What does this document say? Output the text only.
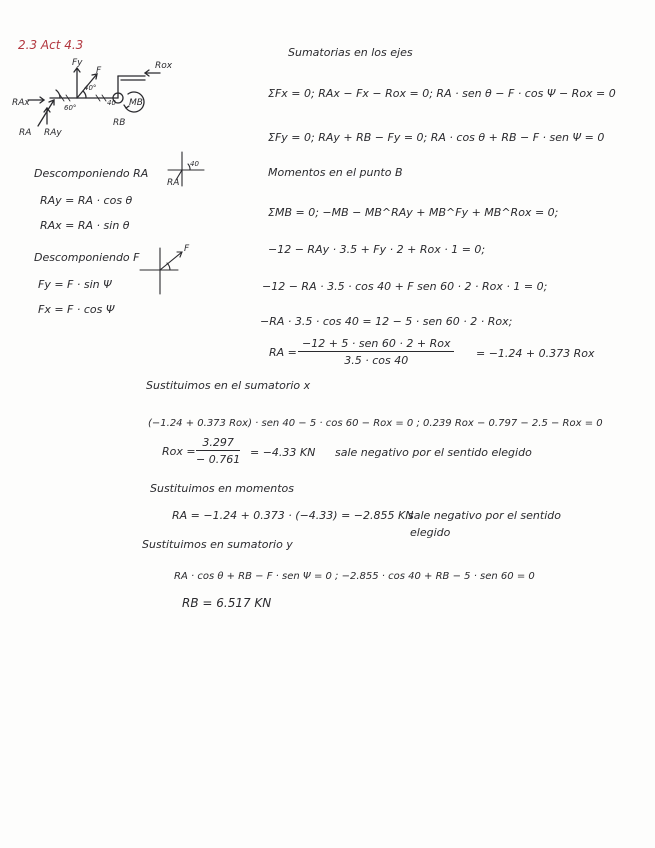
2.3 Act 4.3
Fy
F	Rox
RAx
RA RAy
RB
MB
40°
60°
40
Descomponiendo RA
RAy = RA · cos θ
RAx = RA · sin θ
Descomponiendo F
Fy = F · sin Ψ
Fx = F · cos Ψ
RA
40
F
Sumatorias en los ejes
ΣFx = 0; RAx − Fx − Rox = 0; RA · sen θ − F · cos Ψ − Rox = 0
ΣFy = 0; RAy + RB − Fy = 0; RA · cos θ + RB − F · sen Ψ = 0
Momentos en el punto B
ΣMB = 0; −MB − MB^RAy + MB^Fy + MB^Rox = 0;
−12 − RAy · 3.5 + Fy · 2 + Rox · 1 = 0;
−12 − RA · 3.5 · cos 40 + F sen 60 · 2 · Rox · 1 = 0;
−RA · 3.5 · cos 40 = 12 − 5 · sen 60 · 2 · Rox;
RA =
−12 + 5 · sen 60 · 2 + Rox
3.5 · cos 40
= −1.24 + 0.373 Rox
Sustituimos en el sumatorio x
(−1.24 + 0.373 Rox) · sen 40 − 5 · cos 60 − Rox = 0 ; 0.239 Rox − 0.797 − 2.5 − Rox = 0
Rox = $\frac{3.297}{- 0.761} = -4.33$ KN sale negativo por el sentido elegido
Sustituimos en momentos
RA = −1.24 + 0.373 · (−4.33) = −2.855 KN
sale negativo por el sentido
elegido
Sustituimos en sumatorio y
RA · cos θ + RB − F · sen Ψ = 0 ; −2.855 · cos 40 + RB − 5 · sen 60 = 0
RB = 6.517 KN
